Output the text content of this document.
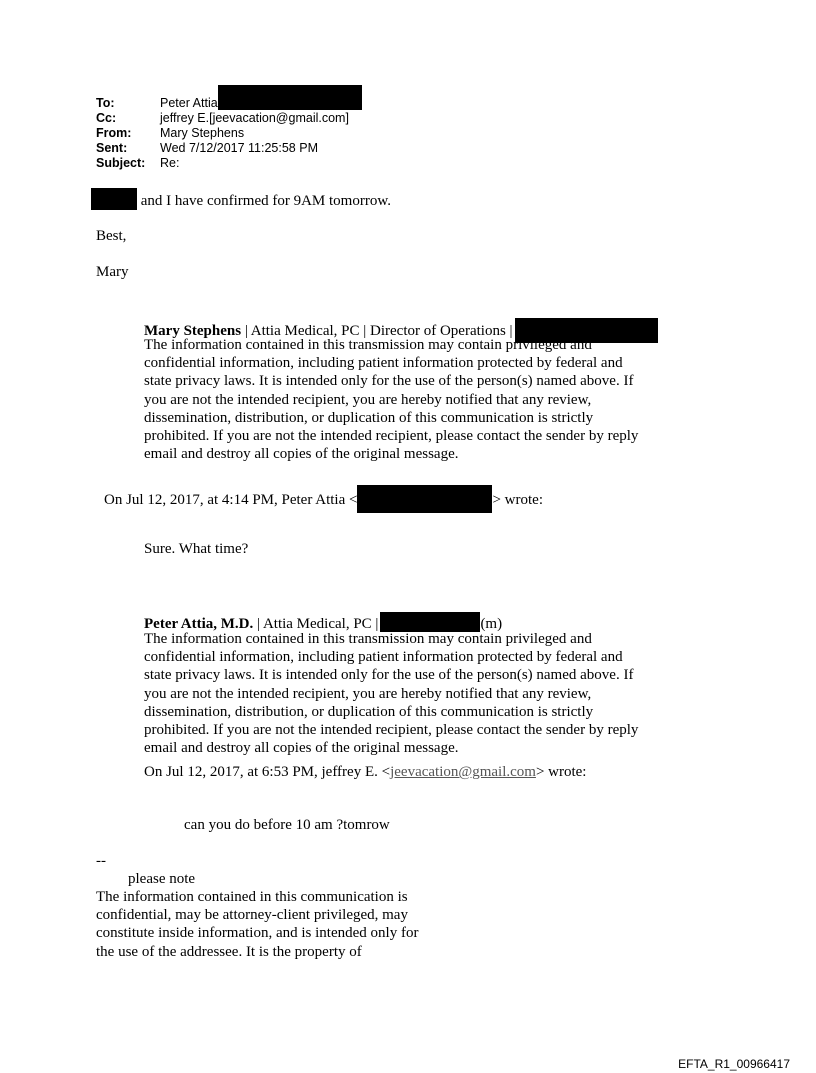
To:	Peter Attia
Cc:	jeffrey E.[jeevacation@gmail.com]
From: Mary Stephens
Sent:	Wed 7/12/2017 11:25:58 PM
Subject: Re:
and I have confirmed for 9AM tomorrow.
Best,
Mary
Mary Stephens | Attia Medical, PC | Director of Operations |

The information contained in this transmission may contain privileged and
confidential information, including patient information protected by federal and
state privacy laws. It is intended only for the use of the person(s) named above. If
you are not the intended recipient, you are hereby notified that any review,
dissemination, distribution, or duplication of this communication is strictly
prohibited. If you are not the intended recipient, please contact the sender by reply
email and destroy all copies of the original message.

On Jul 12, 2017, at 4:14 PM, Peter Attia <	> wrote:
Sure. What time?
Peter Attia, M.D. | Attia Medical, PC |	(m)

The information contained in this transmission may contain privileged and
confidential information, including patient information protected by federal and
state privacy laws. It is intended only for the use of the person(s) named above. If
you are not the intended recipient, you are hereby notified that any review,
dissemination, distribution, or duplication of this communication is strictly
prohibited. If you are not the intended recipient, please contact the sender by reply
email and destroy all copies of the original message.

On Jul 12, 2017, at 6:53 PM, jeffrey E. <jeevacation@gmail.com> wrote:
can you do before 10 am ?tomrow
--
please note

The information contained in this communication is
confidential, may be attorney-client privileged, may
constitute inside information, and is intended only for
the use of the addressee. It is the property of

EFTA_R1_00966417
